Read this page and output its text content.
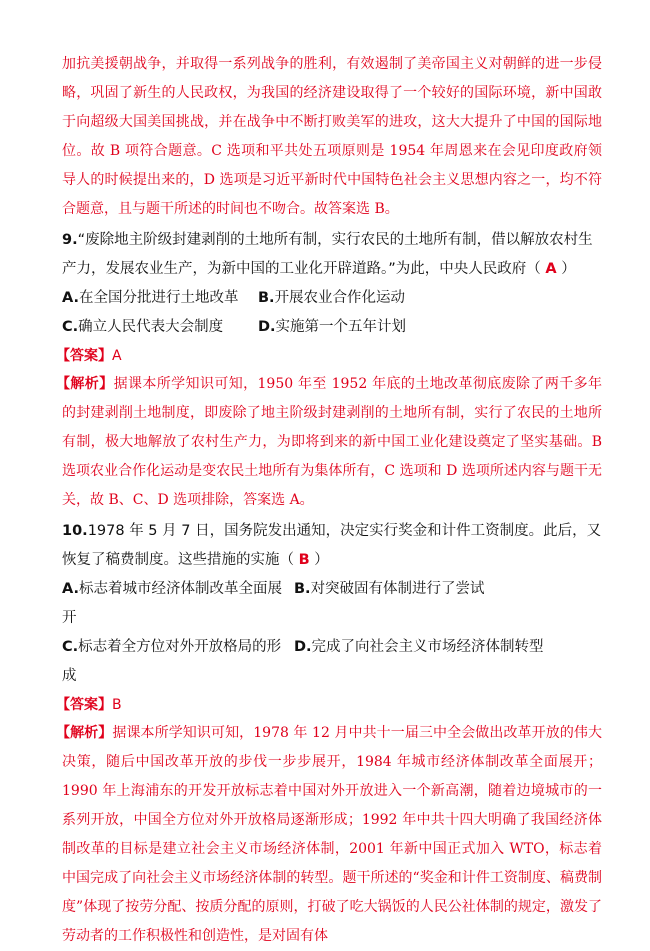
加抗美援朝战争，并取得一系列战争的胜利，有效遏制了美帝国主义对朝鲜的进一步侵略，巩固了新生的人民政权，为我国的经济建设取得了一个较好的国际环境，新中国敢于向超级大国美国挑战，并在战争中不断打败美军的进攻，这大大提升了中国的国际地位。故 B 项符合题意。C 选项和平共处五项原则是 1954 年周恩来在会见印度政府领导人的时候提出来的，D 选项是习近平新时代中国特色社会主义思想内容之一，均不符合题意，且与题干所述的时间也不吻合。故答案选 B。
9.“废除地主阶级封建剥削的土地所有制，实行农民的土地所有制，借以解放农村生产力，发展农业生产，为新中国的工业化开辟道路。”为此，中央人民政府（ A ）
A.在全国分批进行土地改革	B.开展农业合作化运动
C.确立人民代表大会制度	D.实施第一个五年计划
【答案】A
【解析】据课本所学知识可知，1950 年至 1952 年底的土地改革彻底废除了两千多年的封建剥削土地制度，即废除了地主阶级封建剥削的土地所有制，实行了农民的土地所有制，极大地解放了农村生产力，为即将到来的新中国工业化建设奠定了坚实基础。B 选项农业合作化运动是变农民土地所有为集体所有，C 选项和 D 选项所述内容与题干无关，故 B、C、D 选项排除，答案选 A。
10.1978 年 5 月 7 日，国务院发出通知，决定实行奖金和计件工资制度。此后，又恢复了稿费制度。这些措施的实施（ B ）
A.标志着城市经济体制改革全面展开
B.对突破固有体制进行了尝试
C.标志着全方位对外开放格局的形成
D.完成了向社会主义市场经济体制转型
【答案】B
【解析】据课本所学知识可知，1978 年 12 月中共十一届三中全会做出改革开放的伟大决策，随后中国改革开放的步伐一步步展开，1984 年城市经济体制改革全面展开；1990 年上海浦东的开发开放标志着中国对外开放进入一个新高潮，随着边境城市的一系列开放，中国全方位对外开放格局逐渐形成；1992 年中共十四大明确了我国经济体制改革的目标是建立社会主义市场经济体制，2001 年新中国正式加入 WTO，标志着中国完成了向社会主义市场经济体制的转型。题干所述的“奖金和计件工资制度、稿费制度”体现了按劳分配、按质分配的原则，打破了吃大锅饭的人民公社体制的规定，激发了劳动者的工作积极性和创造性，是对固有体
